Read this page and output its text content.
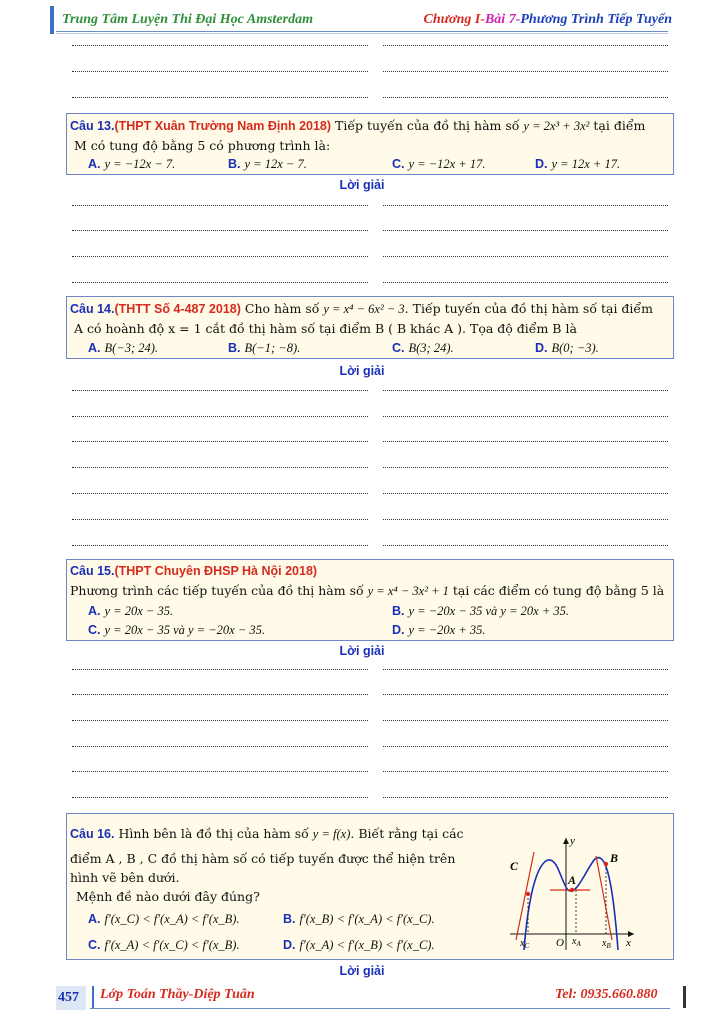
Trung Tâm Luyện Thi Đại Học Amsterdam	Chương I-Bài 7-Phương Trình Tiếp Tuyến
Câu 13.(THPT Xuân Trường Nam Định 2018) Tiếp tuyến của đồ thị hàm số y = 2x³ + 3x² tại điểm
M có tung độ bằng 5 có phương trình là:
A. y = −12x − 7.	B. y = 12x − 7.	C. y = −12x + 17.	D. y = 12x + 17.
Lời giải
Câu 14.(THTT Số 4-487 2018) Cho hàm số y = x⁴ − 6x² − 3. Tiếp tuyến của đồ thị hàm số tại điểm
A có hoành độ x = 1 cắt đồ thị hàm số tại điểm B ( B khác A ). Tọa độ điểm B là
A. B(−3; 24).	B. B(−1; −8).	C. B(3; 24).	D. B(0; −3).
Lời giải
Câu 15.(THPT Chuyên ĐHSP Hà Nội 2018)
Phương trình các tiếp tuyến của đồ thị hàm số y = x⁴ − 3x² + 1 tại các điểm có tung độ bằng 5 là
A. y = 20x − 35.	B. y = −20x − 35 và y = 20x + 35.
C. y = 20x − 35 và y = −20x − 35.	D. y = −20x + 35.
Lời giải
Câu 16. Hình bên là đồ thị của hàm số y = f(x). Biết rằng tại các
điểm A , B , C đồ thị hàm số có tiếp tuyến được thể hiện trên
hình vẽ bên dưới.
Mệnh đề nào dưới đây đúng?
A. f′(x_C) < f′(x_A) < f′(x_B).	B. f′(x_B) < f′(x_A) < f′(x_C).
C. f′(x_A) < f′(x_C) < f′(x_B).	D. f′(x_A) < f′(x_B) < f′(x_C).
y
x
O
C
A
B
$x_C$	$x_A$ $x_B$
Lời giải
457 Lớp Toán Thầy-Diệp Tuân	Tel: 0935.660.880
